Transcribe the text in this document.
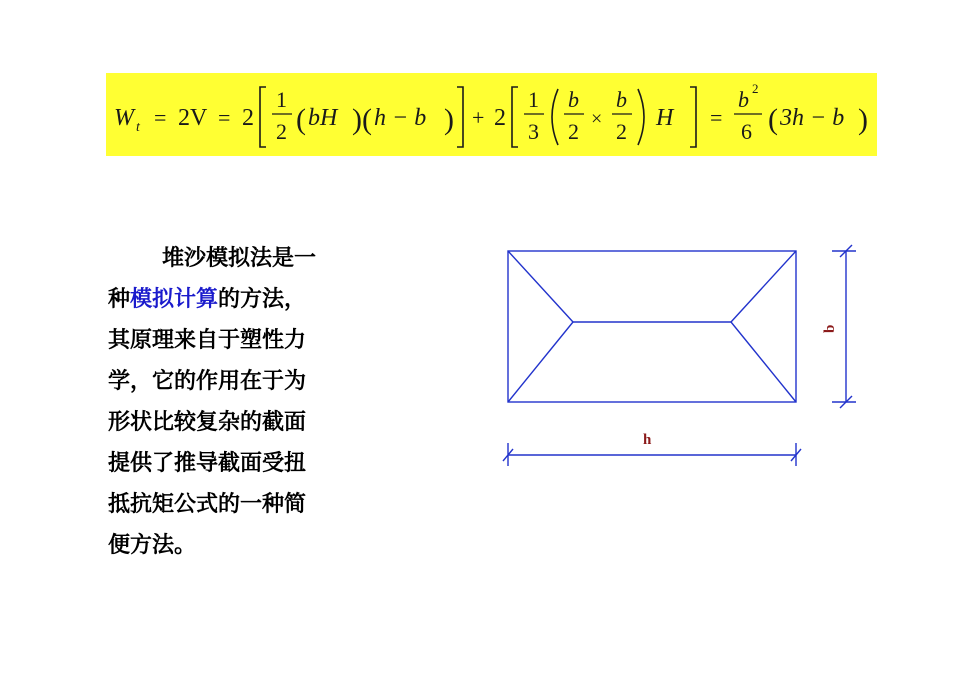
W t = 2V = 2
1
2 ( bH ) ( h − b ) + 2
1
3
b
2 ×
b
2
H =
b 2
6 ( 3h − b )
堆沙模拟法是一
种模拟计算的方法，
其原理来自于塑性力
学，它的作用在于为
形状比较复杂的截面
提供了推导截面受扭
抵抗矩公式的一种简
便方法。
h
b
